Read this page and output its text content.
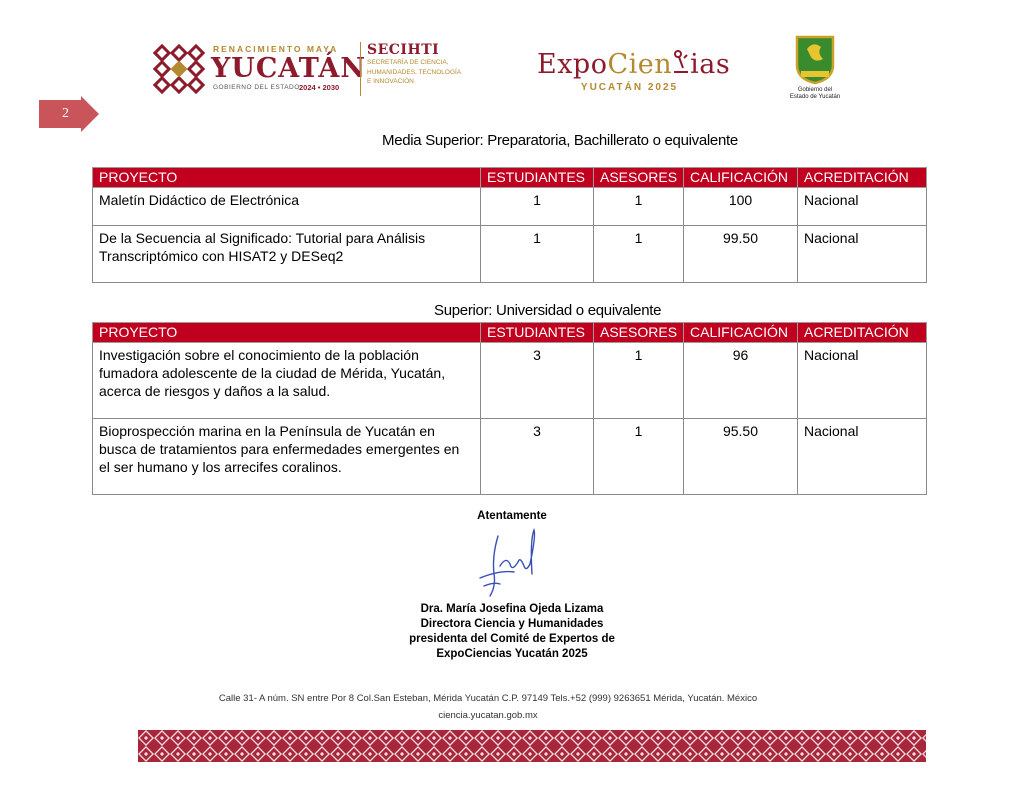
RENACIMIENTO MAYA
YUCATÁN
GOBIERNO DEL ESTADO 2024 • 2030
SECIHTI
SECRETARÍA DE CIENCIA,
HUMANIDADES, TECNOLOGÍA
E INNOVACIÓN
ExpoCien ias
YUCATÁN 2025	Gobierno del
Estado de Yucatán
2
Media Superior: Preparatoria, Bachillerato o equivalente
PROYECTO	ESTUDIANTES	ASESORES	CALIFICACIÓN	ACREDITACIÓN
Maletín Didáctico de Electrónica	1	1	100	Nacional
De la Secuencia al Significado: Tutorial para Análisis Transcriptómico con HISAT2 y DESeq2	1	1	99.50	Nacional
Superior: Universidad o equivalente
PROYECTO	ESTUDIANTES	ASESORES	CALIFICACIÓN	ACREDITACIÓN
Investigación sobre el conocimiento de la población fumadora adolescente de la ciudad de Mérida, Yucatán, acerca de riesgos y daños a la salud.	3	1	96	Nacional
Bioprospección marina en la Península de Yucatán en busca de tratamientos para enfermedades emergentes en el ser humano y los arrecifes coralinos.	3	1	95.50	Nacional
Atentamente
Dra. María Josefina Ojeda Lizama
Directora Ciencia y Humanidades
presidenta del Comité de Expertos de
ExpoCiencias Yucatán 2025
Calle 31- A núm. SN entre Por 8 Col.San Esteban, Mérida Yucatán C.P. 97149 Tels.+52 (999) 9263651 Mérida, Yucatán. México
ciencia.yucatan.gob.mx
